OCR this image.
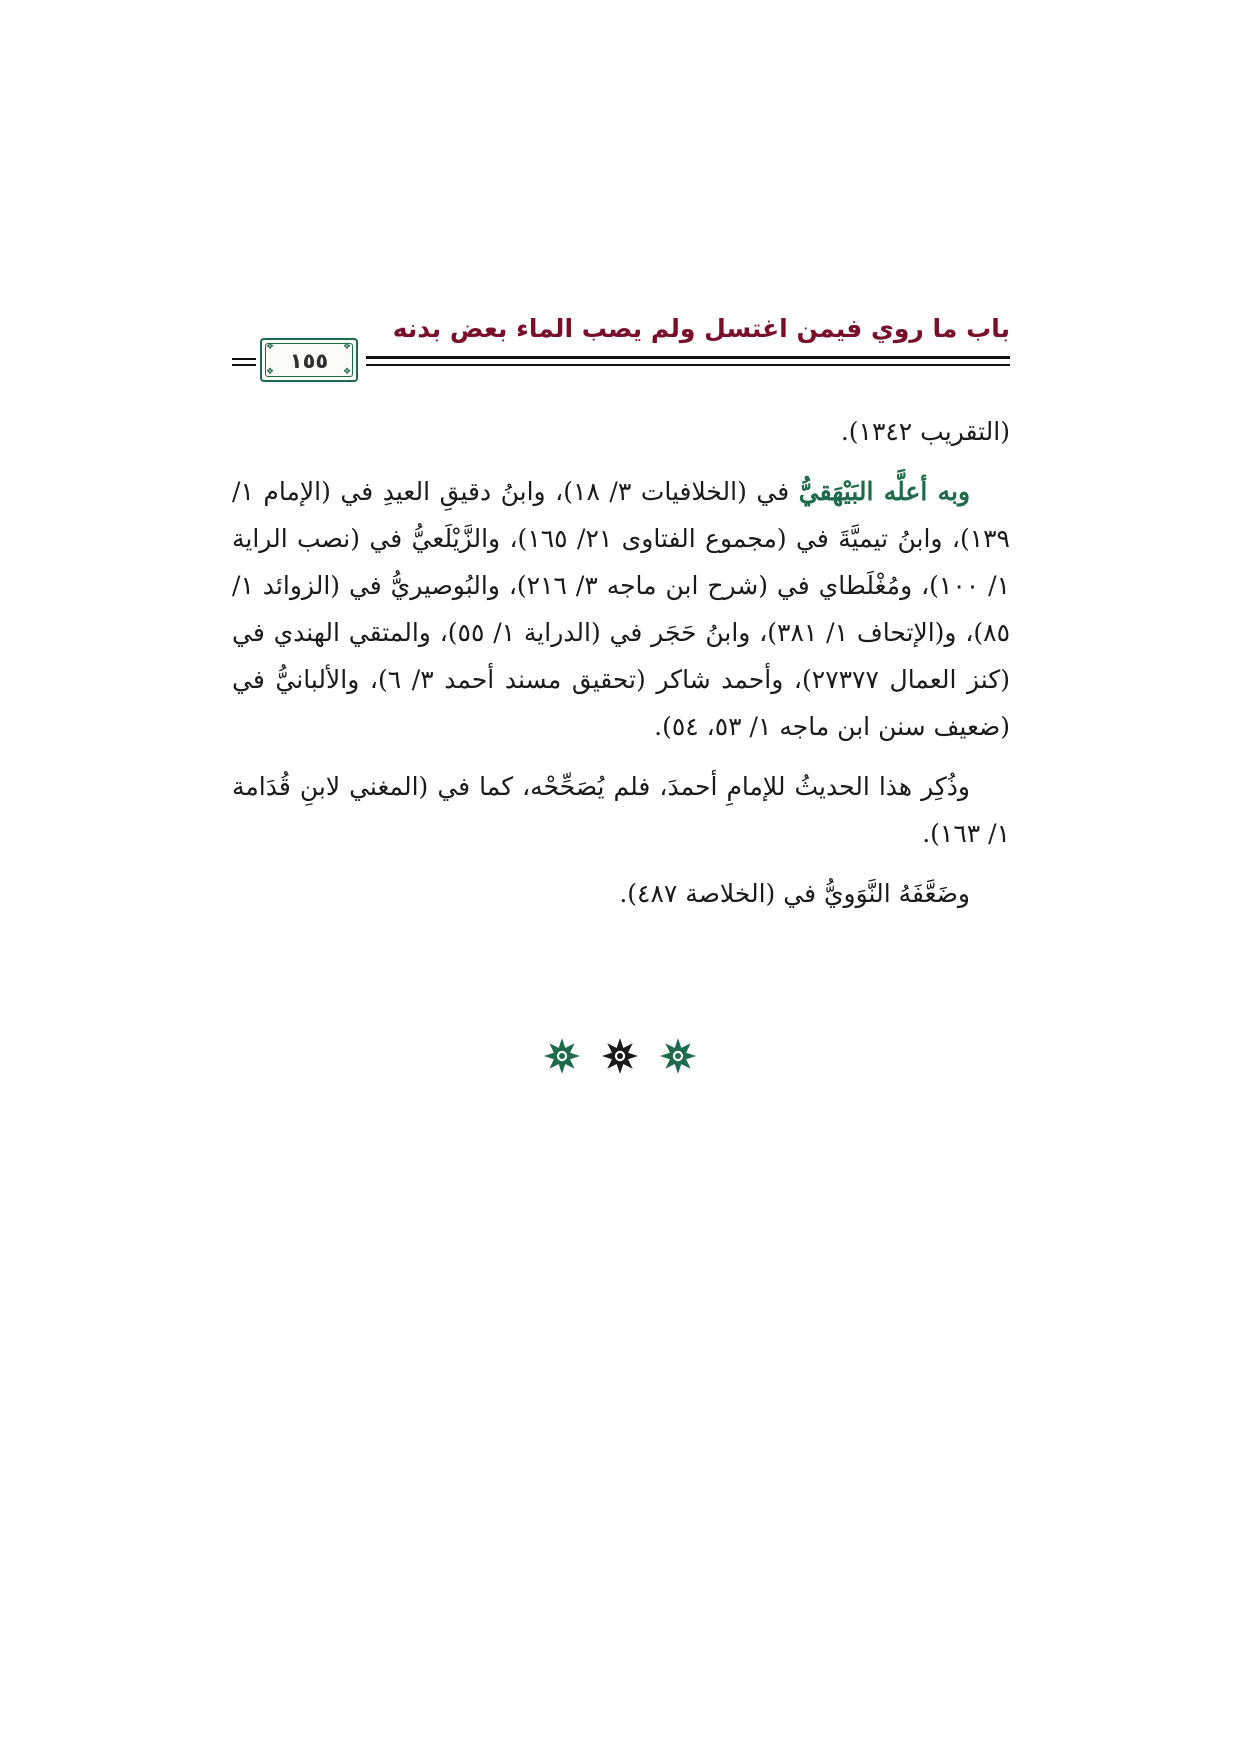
باب ما روي فيمن اغتسل ولم يصب الماء بعض بدنه
❖	❖
❖	❖
١٥٥

(التقريب ١٣٤٢).

وبه أعلَّه البَيْهَقيُّ في (الخلافيات ٣/ ١٨)، وابنُ دقيقِ العيدِ في (الإمام ١/ ١٣٩)، وابنُ تيميَّةَ في (مجموع الفتاوى ٢١/ ١٦٥)، والزَّيْلَعيُّ في (نصب الراية ١/ ١٠٠)، ومُغْلَطاي في (شرح ابن ماجه ٣/ ٢١٦)، والبُوصيريُّ في (الزوائد ١/ ٨٥)، و(الإتحاف ١/ ٣٨١)، وابنُ حَجَر في (الدراية ١/ ٥٥)، والمتقي الهندي في (كنز العمال ٢٧٣٧٧)، وأحمد شاكر (تحقيق مسند أحمد ٣/ ٦)، والألبانيُّ في (ضعيف سنن ابن ماجه ١/ ٥٣، ٥٤).

وذُكِر هذا الحديثُ للإمامِ أحمدَ، فلم يُصَحِّحْه، كما في (المغني لابنِ قُدَامة ١/ ١٦٣).

وضَعَّفَهُ النَّوَويُّ في (الخلاصة ٤٨٧).
